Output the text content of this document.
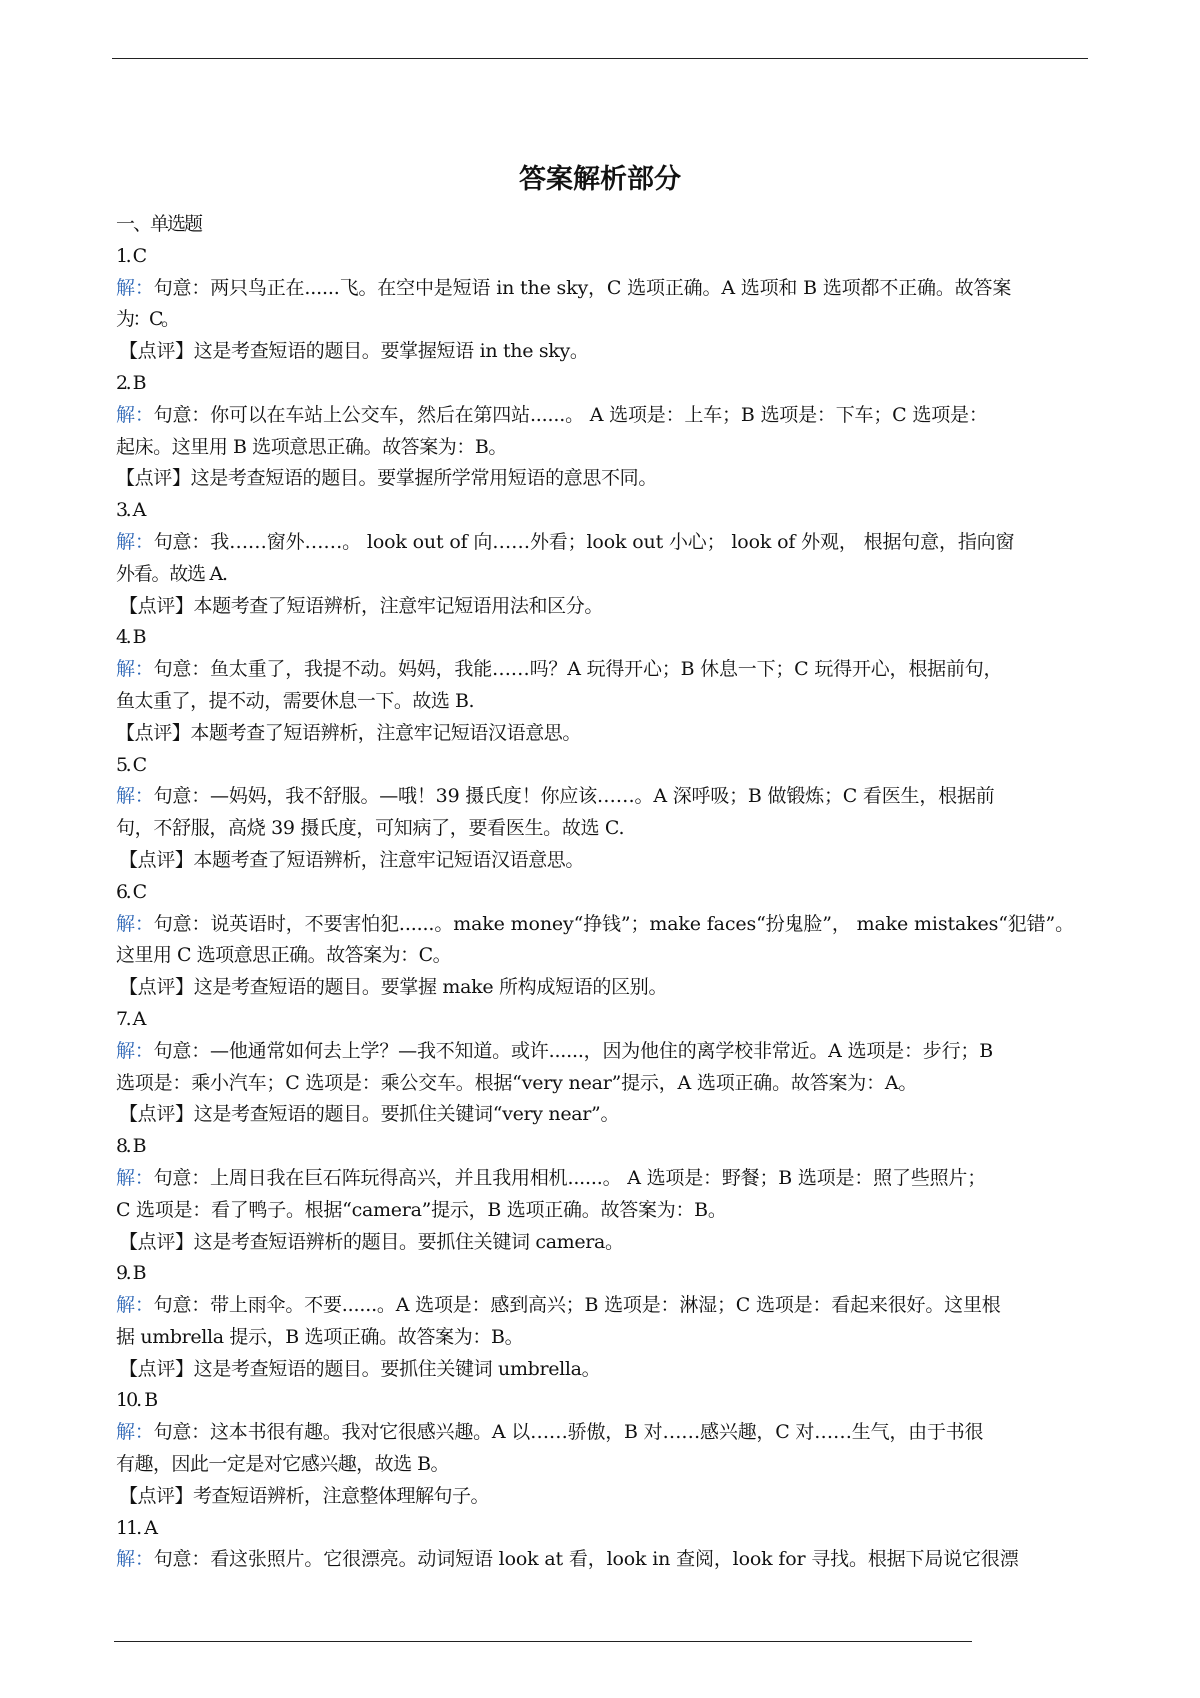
答案解析部分
一、单选题
1. C
解：句意：两只鸟正在......飞。在空中是短语 in the sky，C 选项正确。A 选项和 B 选项都不正确。故答案
为：C。
【点评】这是考查短语的题目。要掌握短语 in the sky。
2. B
解：句意：你可以在车站上公交车，然后在第四站......。 A 选项是：上车；B 选项是：下车；C 选项是：
起床。这里用 B 选项意思正确。故答案为：B。
【点评】这是考查短语的题目。要掌握所学常用短语的意思不同。
3. A
解：句意：我……窗外……。 look out of 向……外看；look out 小心； look of 外观， 根据句意，指向窗
外看。故选 A.
【点评】本题考查了短语辨析，注意牢记短语用法和区分。
4. B
解：句意：鱼太重了，我提不动。妈妈，我能……吗？A 玩得开心；B 休息一下；C 玩得开心，根据前句，
鱼太重了，提不动，需要休息一下。故选 B.
【点评】本题考查了短语辨析，注意牢记短语汉语意思。
5. C
解：句意：—妈妈，我不舒服。—哦！39 摄氏度！你应该……。A 深呼吸；B 做锻炼；C 看医生，根据前
句，不舒服，高烧 39 摄氏度，可知病了，要看医生。故选 C.
【点评】本题考查了短语辨析，注意牢记短语汉语意思。
6. C
解：句意：说英语时，不要害怕犯......。make money“挣钱”；make faces“扮鬼脸”， make mistakes“犯错”。
这里用 C 选项意思正确。故答案为：C。
【点评】这是考查短语的题目。要掌握 make 所构成短语的区别。
7. A
解：句意：—他通常如何去上学？—我不知道。或许......，因为他住的离学校非常近。A 选项是：步行；B
选项是：乘小汽车；C 选项是：乘公交车。根据“very near”提示，A 选项正确。故答案为：A。
【点评】这是考查短语的题目。要抓住关键词“very near”。
8. B
解：句意：上周日我在巨石阵玩得高兴，并且我用相机......。 A 选项是：野餐；B 选项是：照了些照片；
C 选项是：看了鸭子。根据“camera”提示，B 选项正确。故答案为：B。
【点评】这是考查短语辨析的题目。要抓住关键词 camera。
9. B
解：句意：带上雨伞。不要......。A 选项是：感到高兴；B 选项是：淋湿；C 选项是：看起来很好。这里根
据 umbrella 提示，B 选项正确。故答案为：B。
【点评】这是考查短语的题目。要抓住关键词 umbrella。
10. B
解：句意：这本书很有趣。我对它很感兴趣。A 以……骄傲，B 对……感兴趣，C 对……生气，由于书很
有趣，因此一定是对它感兴趣，故选 B。
【点评】考查短语辨析，注意整体理解句子。
11. A
解：句意：看这张照片。它很漂亮。动词短语 look at 看，look in 查阅，look for 寻找。根据下局说它很漂
